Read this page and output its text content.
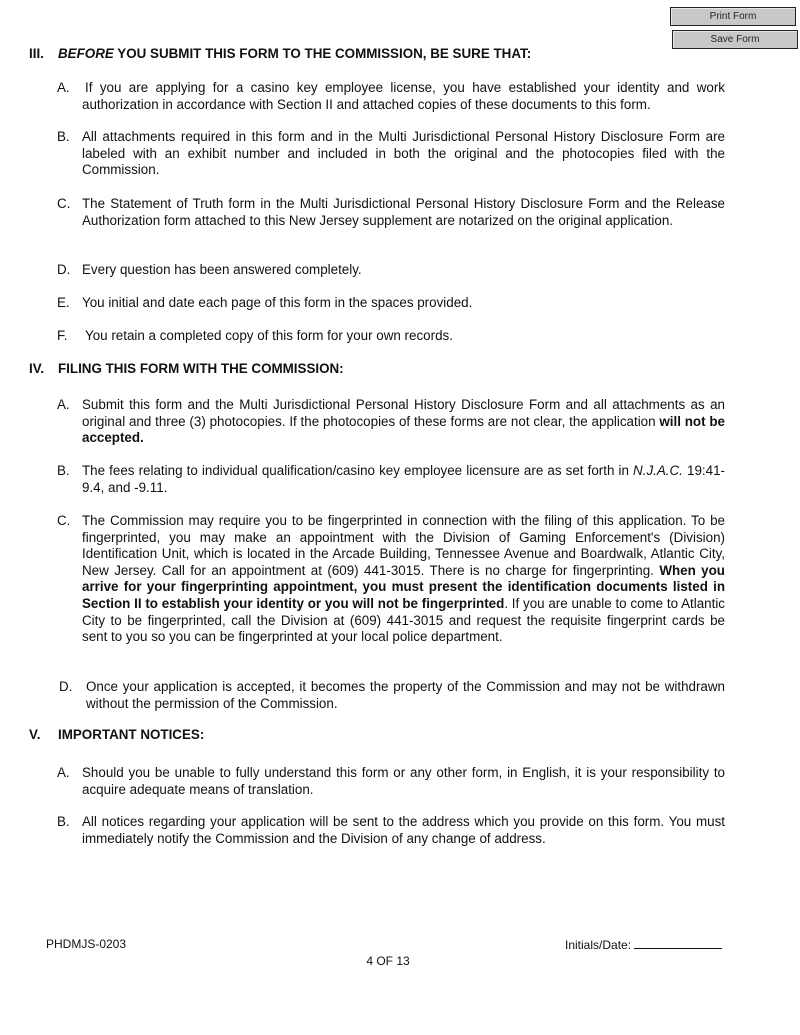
Print Form
Save Form
III. BEFORE YOU SUBMIT THIS FORM TO THE COMMISSION, BE SURE THAT:
A. If you are applying for a casino key employee license, you have established your identity and work authorization in accordance with Section II and attached copies of these documents to this form.
B. All attachments required in this form and in the Multi Jurisdictional Personal History Disclosure Form are labeled with an exhibit number and included in both the original and the photocopies filed with the Commission.
C. The Statement of Truth form in the Multi Jurisdictional Personal History Disclosure Form and the Release Authorization form attached to this New Jersey supplement are notarized on the original application.
D. Every question has been answered completely.
E. You initial and date each page of this form in the spaces provided.
F. You retain a completed copy of this form for your own records.
IV. FILING THIS FORM WITH THE COMMISSION:
A. Submit this form and the Multi Jurisdictional Personal History Disclosure Form and all attachments as an original and three (3) photocopies. If the photocopies of these forms are not clear, the application will not be accepted.
B. The fees relating to individual qualification/casino key employee licensure are as set forth in N.J.A.C. 19:41-9.4, and -9.11.
C. The Commission may require you to be fingerprinted in connection with the filing of this application. To be fingerprinted, you may make an appointment with the Division of Gaming Enforcement's (Division) Identification Unit, which is located in the Arcade Building, Tennessee Avenue and Boardwalk, Atlantic City, New Jersey. Call for an appointment at (609) 441-3015. There is no charge for fingerprinting. When you arrive for your fingerprinting appointment, you must present the identification documents listed in Section II to establish your identity or you will not be fingerprinted. If you are unable to come to Atlantic City to be fingerprinted, call the Division at (609) 441-3015 and request the requisite fingerprint cards be sent to you so you can be fingerprinted at your local police department.
D. Once your application is accepted, it becomes the property of the Commission and may not be withdrawn without the permission of the Commission.
V. IMPORTANT NOTICES:
A. Should you be unable to fully understand this form or any other form, in English, it is your responsibility to acquire adequate means of translation.
B. All notices regarding your application will be sent to the address which you provide on this form. You must immediately notify the Commission and the Division of any change of address.
PHDMJS-0203	Initials/Date:
4 OF 13
